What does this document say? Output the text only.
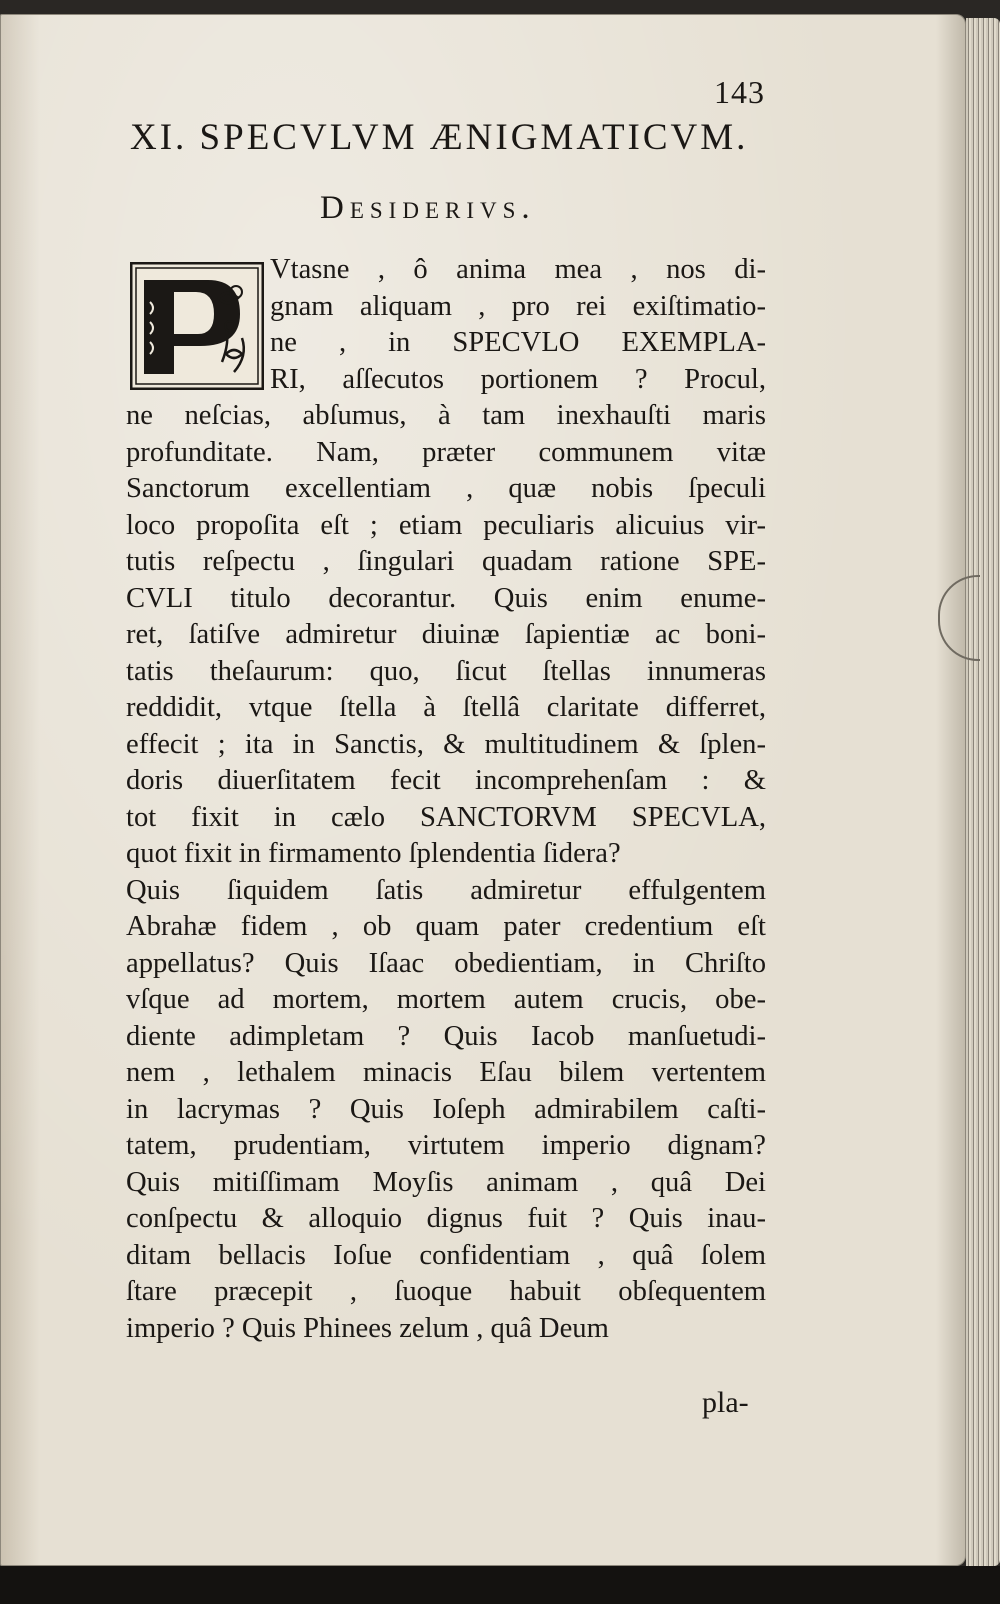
143
XI. SPECVLVM ÆNIGMATICVM.
Desiderivs.
Vtasne , ô anima mea , nos di-
gnam aliquam , pro rei exiſtimatio-
ne , in SPECVLO EXEMPLA-
RI, aſſecutos portionem ? Procul,
ne neſcias, abſumus, à tam inexhauſti maris
profunditate. Nam, præter communem vitæ
Sanctorum excellentiam , quæ nobis ſpeculi
loco propoſita eſt ; etiam peculiaris alicuius vir-
tutis reſpectu , ſingulari quadam ratione SPE-
CVLI titulo decorantur. Quis enim enume-
ret, ſatiſve admiretur diuinæ ſapientiæ ac boni-
tatis theſaurum: quo, ſicut ſtellas innumeras
reddidit, vtque ſtella à ſtellâ claritate differret,
effecit ; ita in Sanctis, & multitudinem & ſplen-
doris diuerſitatem fecit incomprehenſam : &
tot fixit in cælo SANCTORVM SPECVLA,
quot fixit in firmamento ſplendentia ſidera?
Quis ſiquidem ſatis admiretur effulgentem
Abrahæ fidem , ob quam pater credentium eſt
appellatus? Quis Iſaac obedientiam, in Chriſto
vſque ad mortem, mortem autem crucis, obe-
diente adimpletam ? Quis Iacob manſuetudi-
nem , lethalem minacis Eſau bilem vertentem
in lacrymas ? Quis Ioſeph admirabilem caſti-
tatem, prudentiam, virtutem imperio dignam?
Quis mitiſſimam Moyſis animam , quâ Dei
conſpectu & alloquio dignus fuit ? Quis inau-
ditam bellacis Ioſue confidentiam , quâ ſolem
ſtare præcepit , ſuoque habuit obſequentem
imperio ? Quis Phinees zelum , quâ Deum
pla-
